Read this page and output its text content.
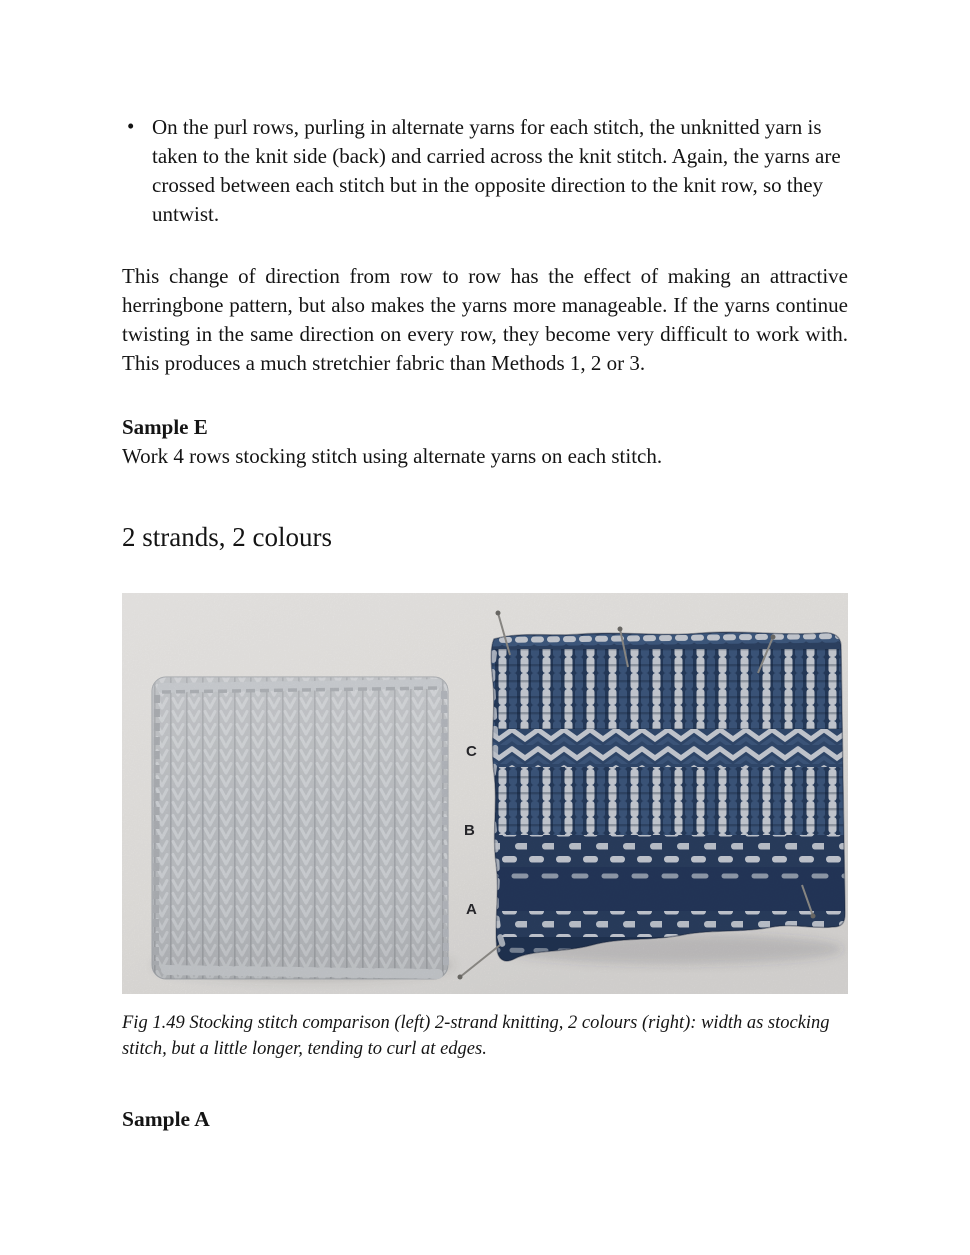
• On the purl rows, purling in alternate yarns for each stitch, the unknitted yarn is taken to the knit side (back) and carried across the knit stitch. Again, the yarns are crossed between each stitch but in the opposite direction to the knit row, so they untwist.

This change of direction from row to row has the effect of making an attractive herringbone pattern, but also makes the yarns more manageable. If the yarns continue twisting in the same direction on every row, they become very difficult to work with. This produces a much stretchier fabric than Methods 1, 2 or 3.

Sample E

Work 4 rows stocking stitch using alternate yarns on each stitch.

2 strands, 2 colours
C
B
A

Fig 1.49 Stocking stitch comparison (left) 2-strand knitting, 2 colours (right): width as stocking stitch, but a little longer, tending to curl at edges.

Sample A
